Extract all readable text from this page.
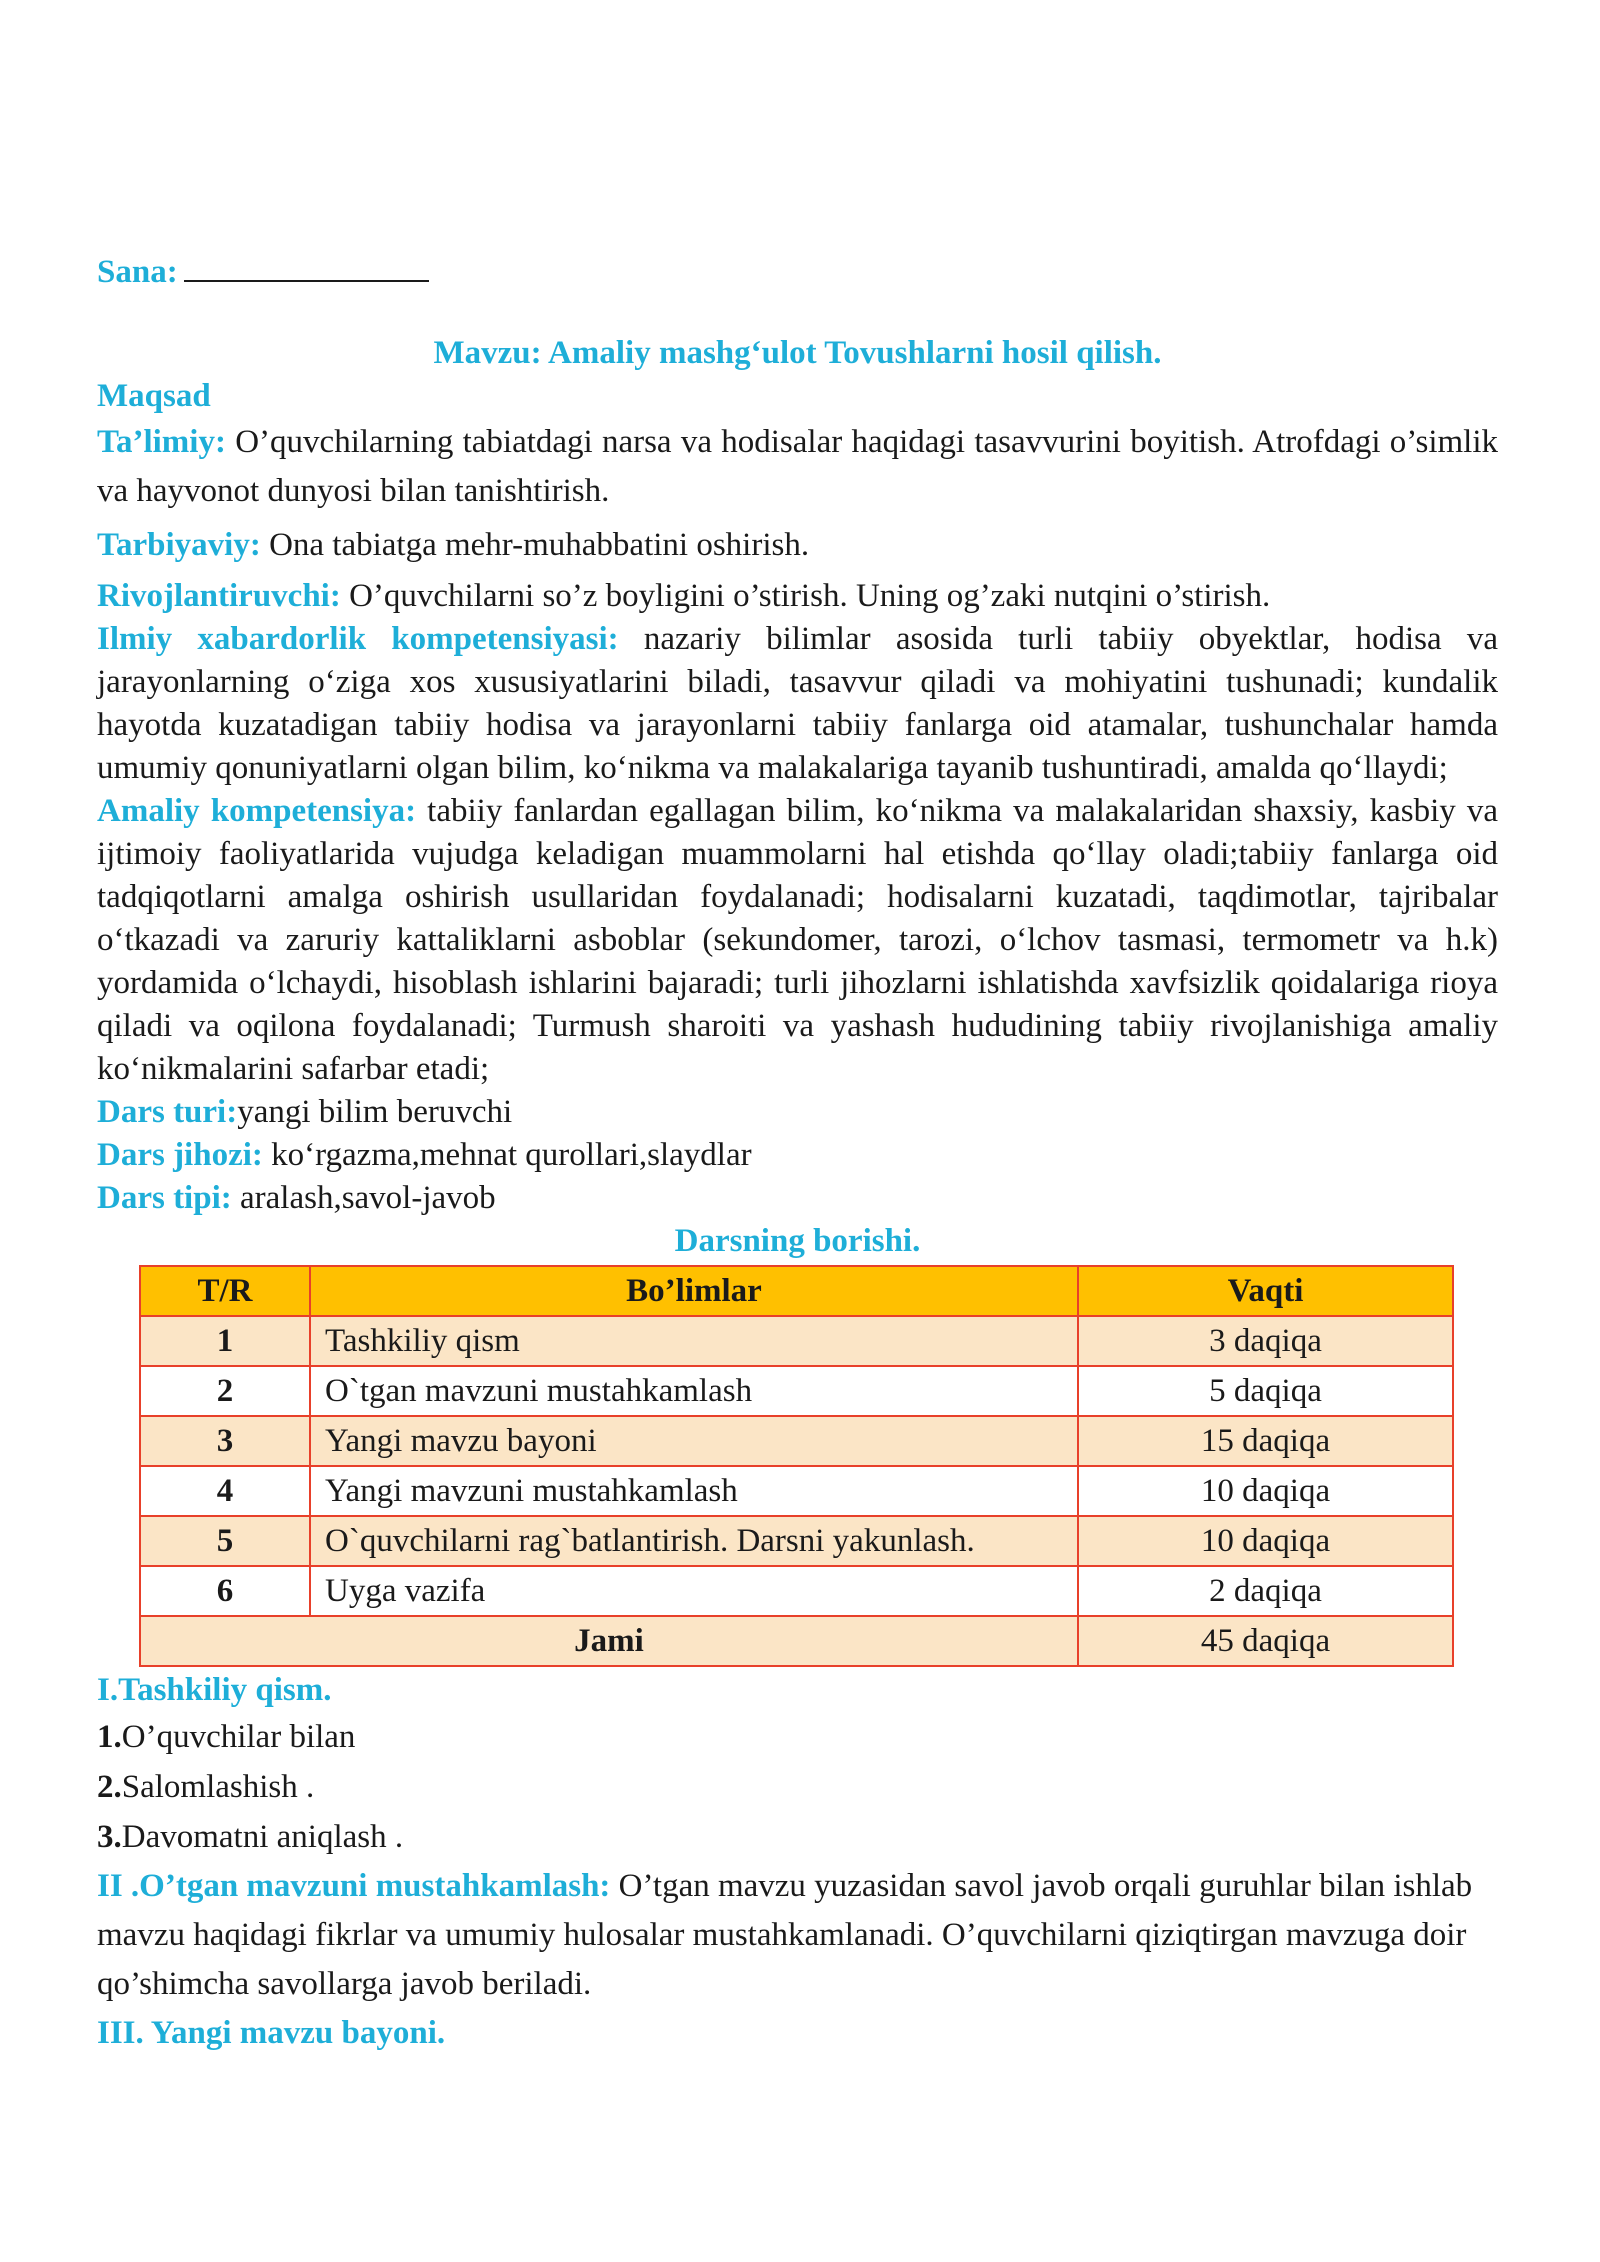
Sana:

Mavzu: Amaliy mashg‘ulot Tovushlarni hosil qilish.

Maqsad

Ta’limiy: O’quvchilarning tabiatdagi narsa va hodisalar haqidagi tasavvurini boyitish. Atrofdagi o’simlik va hayvonot dunyosi bilan tanishtirish.

Tarbiyaviy: Ona tabiatga mehr-muhabbatini oshirish.

Rivojlantiruvchi: O’quvchilarni so’z boyligini o’stirish. Uning og’zaki nutqini o’stirish.

Ilmiy xabardorlik kompetensiyasi: nazariy bilimlar asosida turli tabiiy obyektlar, hodisa va jarayonlarning o‘ziga xos xususiyatlarini biladi, tasavvur qiladi va mohiyatini tushunadi; kundalik hayotda kuzatadigan tabiiy hodisa va jarayonlarni tabiiy fanlarga oid atamalar, tushunchalar hamda umumiy qonuniyatlarni olgan bilim, ko‘nikma va malakalariga tayanib tushuntiradi, amalda qo‘llaydi;

Amaliy kompetensiya: tabiiy fanlardan egallagan bilim, ko‘nikma va malakalaridan shaxsiy, kasbiy va ijtimoiy faoliyatlarida vujudga keladigan muammolarni hal etishda qo‘llay oladi;tabiiy fanlarga oid tadqiqotlarni amalga oshirish usullaridan foydalanadi; hodisalarni kuzatadi, taqdimotlar, tajribalar o‘tkazadi va zaruriy kattaliklarni asboblar (sekundomer, tarozi, o‘lchov tasmasi, termometr va h.k) yordamida o‘lchaydi, hisoblash ishlarini bajaradi; turli jihozlarni ishlatishda xavfsizlik qoidalariga rioya qiladi va oqilona foydalanadi; Turmush sharoiti va yashash hududining tabiiy rivojlanishiga amaliy ko‘nikmalarini safarbar etadi;

Dars turi:yangi bilim beruvchi

Dars jihozi: ko‘rgazma,mehnat qurollari,slaydlar

Dars tipi: aralash,savol-javob

Darsning borishi.

T/R	Bo’limlar	Vaqti
1	Tashkiliy qism	3 daqiqa
2	O`tgan mavzuni mustahkamlash	5 daqiqa
3	Yangi mavzu bayoni	15 daqiqa
4	Yangi mavzuni mustahkamlash	10 daqiqa
5	O`quvchilarni rag`batlantirish. Darsni yakunlash.	10 daqiqa
6	Uyga vazifa	2 daqiqa
Jami		45 daqiqa

I.Tashkiliy qism.

1.O’quvchilar bilan

2.Salomlashish .

3.Davomatni aniqlash .

II .O’tgan mavzuni mustahkamlash: O’tgan mavzu yuzasidan savol javob orqali guruhlar bilan ishlab mavzu haqidagi fikrlar va umumiy hulosalar mustahkamlanadi. O’quvchilarni qiziqtirgan mavzuga doir qo’shimcha savollarga javob beriladi.

III. Yangi mavzu bayoni.
